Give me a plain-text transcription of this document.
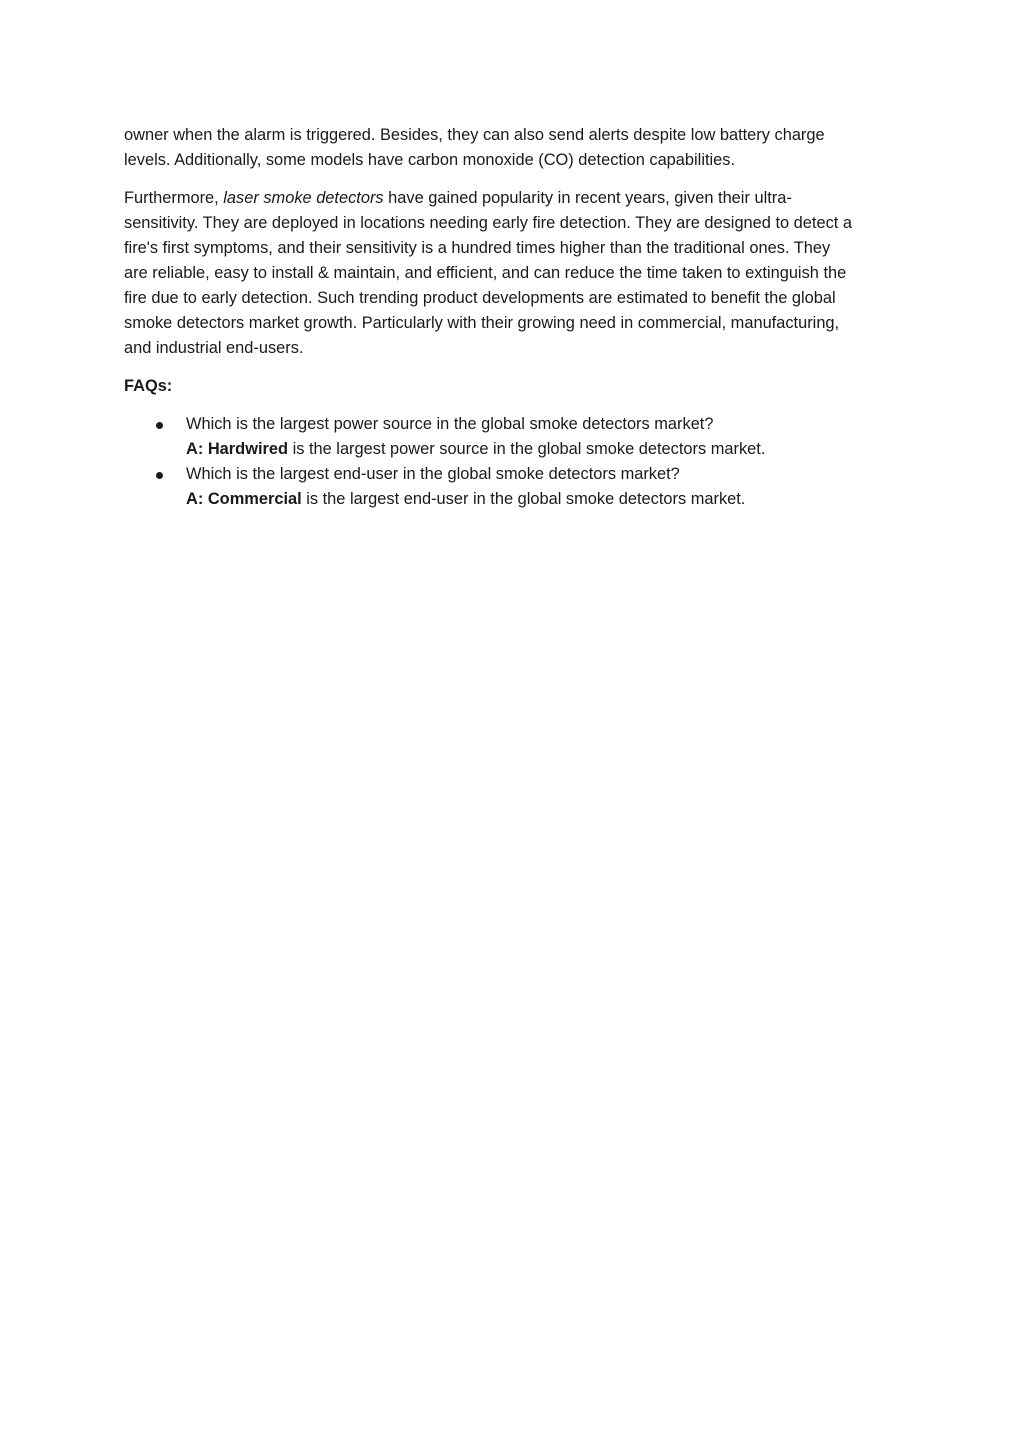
owner when the alarm is triggered. Besides, they can also send alerts despite low battery charge
levels. Additionally, some models have carbon monoxide (CO) detection capabilities.

Furthermore, laser smoke detectors have gained popularity in recent years, given their ultra-
sensitivity. They are deployed in locations needing early fire detection. They are designed to detect a
fire's first symptoms, and their sensitivity is a hundred times higher than the traditional ones. They
are reliable, easy to install & maintain, and efficient, and can reduce the time taken to extinguish the
fire due to early detection. Such trending product developments are estimated to benefit the global
smoke detectors market growth. Particularly with their growing need in commercial, manufacturing,
and industrial end-users.

FAQs:

Which is the largest power source in the global smoke detectors market?
A: Hardwired is the largest power source in the global smoke detectors market.
Which is the largest end-user in the global smoke detectors market?
A: Commercial is the largest end-user in the global smoke detectors market.
